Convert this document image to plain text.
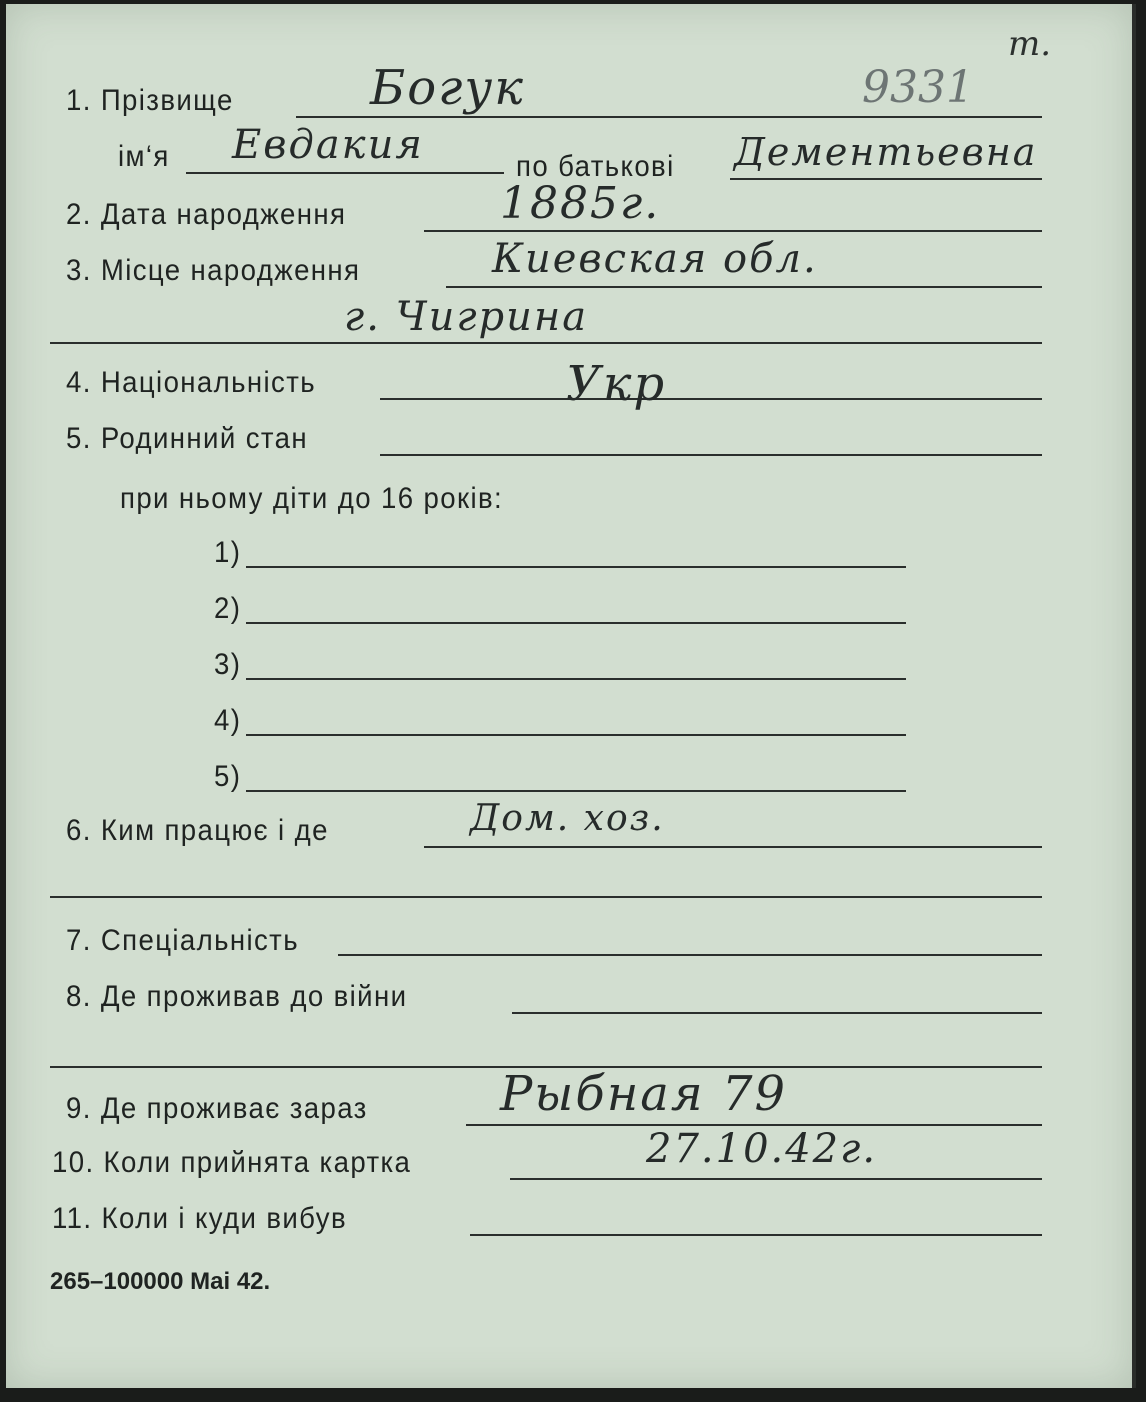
т.
9331
1. Прізвище	Богук
ім‘я Евдакия	по батькові Дементьевна
2. Дата народження	1885г.
3. Місце народження	Киевская обл.
г. Чигрина
4. Національність	Укр
5. Родинний стан
при ньому діти до 16 років:
1)
2)
3)
4)
5)
6. Ким працює і де	Дом. хоз.
7. Спеціальність
8. Де проживав до війни
9. Де проживає зараз	Рыбная 79
10. Коли прийнята картка	27.10.42г.
11. Коли і куди вибув
265–100000 Mai 42.
